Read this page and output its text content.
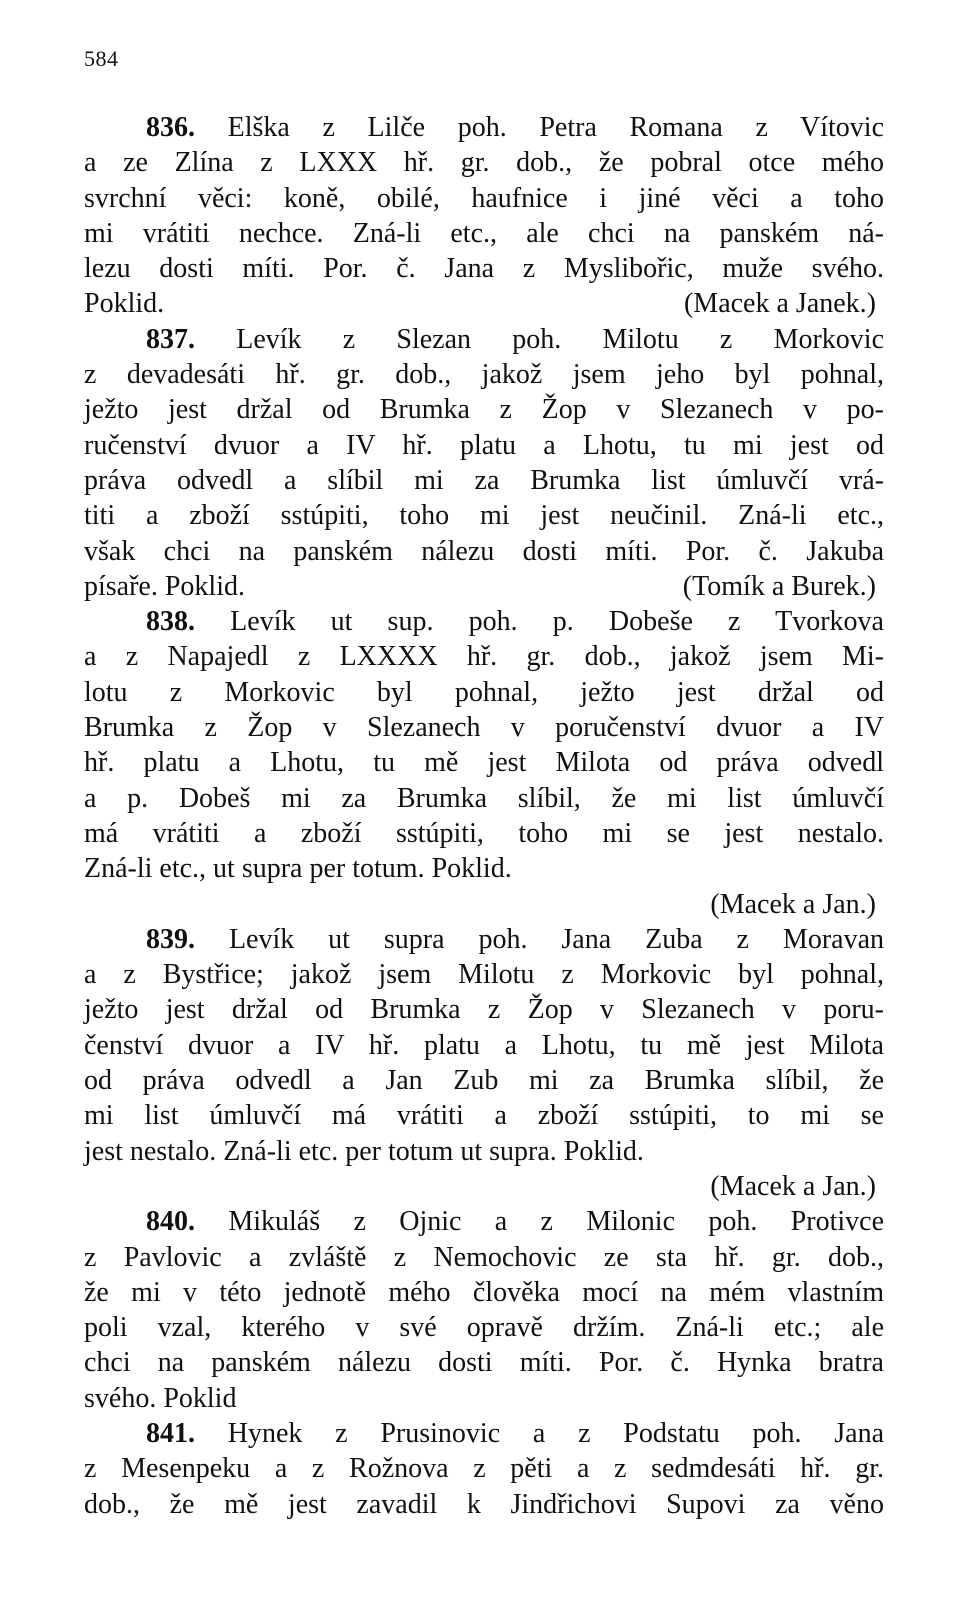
584
836. Elška z Lilče poh. Petra Romana z Vítovic
a ze Zlína z LXXX hř. gr. dob., že pobral otce mého
svrchní věci: koně, obilé, haufnice i jiné věci a toho
mi vrátiti nechce. Zná-li etc., ale chci na panském ná-
lezu dosti míti. Por. č. Jana z Myslibořic, muže svého.
Poklid.	(Macek a Janek.)
837. Levík z Slezan poh. Milotu z Morkovic
z devadesáti hř. gr. dob., jakož jsem jeho byl pohnal,
ježto jest držal od Brumka z Žop v Slezanech v po-
ručenství dvuor a IV hř. platu a Lhotu, tu mi jest od
práva odvedl a slíbil mi za Brumka list úmluvčí vrá-
titi a zboží sstúpiti, toho mi jest neučinil. Zná-li etc.,
však chci na panském nálezu dosti míti. Por. č. Jakuba
písaře. Poklid.	(Tomík a Burek.)
838. Levík ut sup. poh. p. Dobeše z Tvorkova
a z Napajedl z LXXXX hř. gr. dob., jakož jsem Mi-
lotu z Morkovic byl pohnal, ježto jest držal od
Brumka z Žop v Slezanech v poručenství dvuor a IV
hř. platu a Lhotu, tu mě jest Milota od práva odvedl
a p. Dobeš mi za Brumka slíbil, že mi list úmluvčí
má vrátiti a zboží sstúpiti, toho mi se jest nestalo.
Zná-li etc., ut supra per totum. Poklid.
(Macek a Jan.)
839. Levík ut supra poh. Jana Zuba z Moravan
a z Bystřice; jakož jsem Milotu z Morkovic byl pohnal,
ježto jest držal od Brumka z Žop v Slezanech v poru-
čenství dvuor a IV hř. platu a Lhotu, tu mě jest Milota
od práva odvedl a Jan Zub mi za Brumka slíbil, že
mi list úmluvčí má vrátiti a zboží sstúpiti, to mi se
jest nestalo. Zná-li etc. per totum ut supra. Poklid.
(Macek a Jan.)
840. Mikuláš z Ojnic a z Milonic poh. Protivce
z Pavlovic a zvláště z Nemochovic ze sta hř. gr. dob.,
že mi v této jednotě mého člověka mocí na mém vlastním
poli vzal, kterého v své opravě držím. Zná-li etc.; ale
chci na panském nálezu dosti míti. Por. č. Hynka bratra
svého. Poklid
841. Hynek z Prusinovic a z Podstatu poh. Jana
z Mesenpeku a z Rožnova z pěti a z sedmdesáti hř. gr.
dob., že mě jest zavadil k Jindřichovi Supovi za věno
